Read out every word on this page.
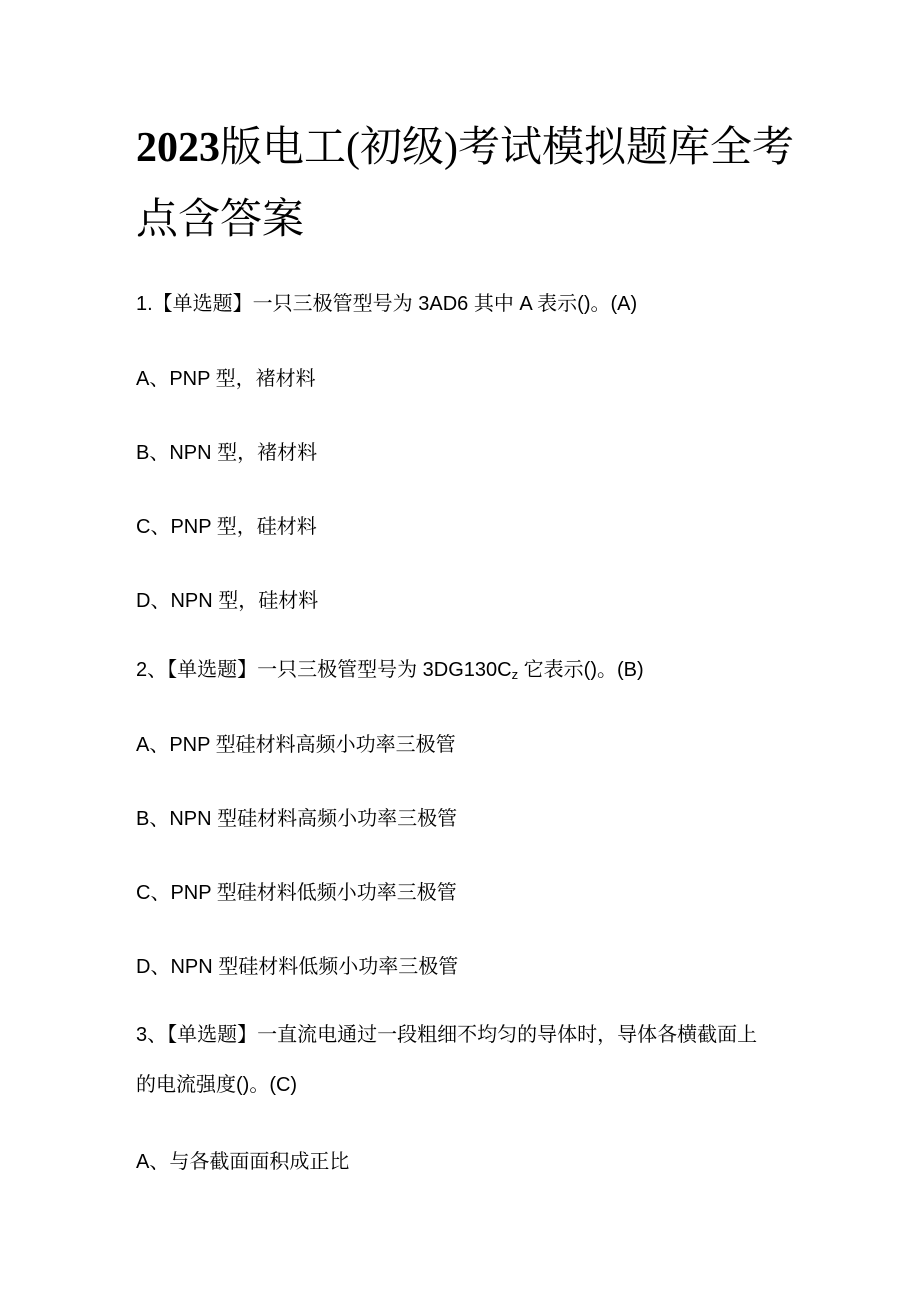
2023版电工(初级)考试模拟题库全考点含答案

1.【单选题】一只三极管型号为 3AD6 其中 A 表示()。(A)

A、PNP 型，褚材料

B、NPN 型，褚材料

C、PNP 型，硅材料

D、NPN 型，硅材料

2、【单选题】一只三极管型号为 $3DG130C_z$ 它表示()。(B)

A、PNP 型硅材料高频小功率三极管

B、NPN 型硅材料高频小功率三极管

C、PNP 型硅材料低频小功率三极管

D、NPN 型硅材料低频小功率三极管

3、【单选题】一直流电通过一段粗细不均匀的导体时，导体各横截面上的电流强度()。(C)

A、与各截面面积成正比
